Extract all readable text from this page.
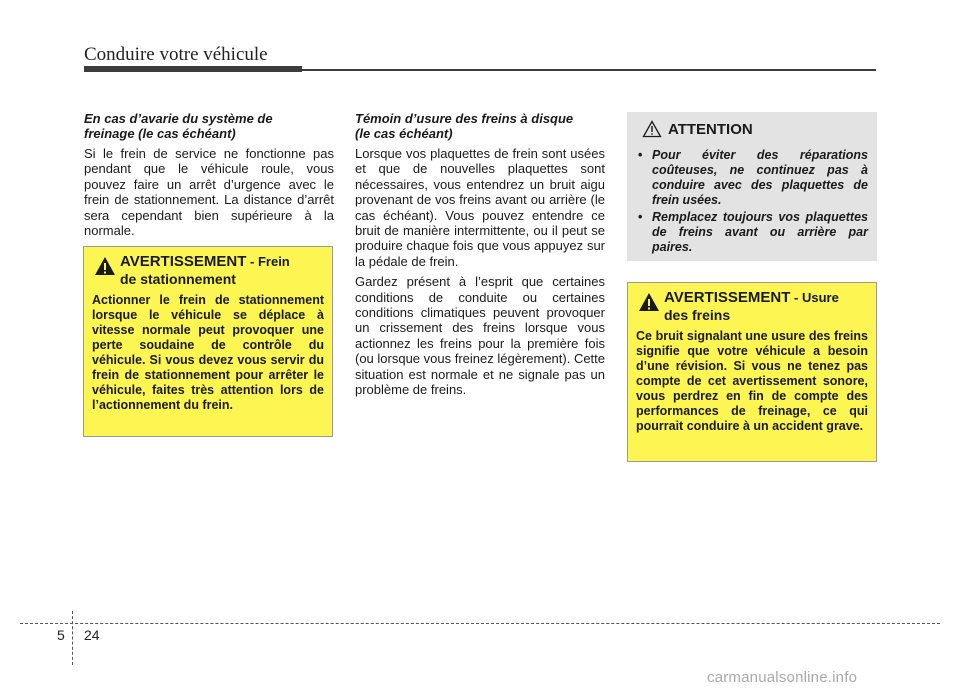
Conduire votre véhicule
En cas d’avarie du système de
freinage (le cas échéant)

Si le frein de service ne fonctionne pas pendant que le véhicule roule, vous pouvez faire un arrêt d’urgence avec le frein de stationnement. La distance d’arrêt sera cependant bien supérieure à la normale.

AVERTISSEMENT - Frein
de stationnement
Actionner le frein de stationnement lorsque le véhicule se déplace à vitesse normale peut provoquer une perte soudaine de contrôle du véhicule. Si vous devez vous servir du frein de stationnement pour arrêter le véhicule, faites très attention lors de l’actionnement du frein.
Témoin d’usure des freins à disque
(le cas échéant)

Lorsque vos plaquettes de frein sont usées et que de nouvelles plaquettes sont nécessaires, vous entendrez un bruit aigu provenant de vos freins avant ou arrière (le cas échéant). Vous pouvez entendre ce bruit de manière intermittente, ou il peut se produire chaque fois que vous appuyez sur la pédale de frein.

Gardez présent à l’esprit que certaines conditions de conduite ou certaines conditions climatiques peuvent provoquer un crissement des freins lorsque vous actionnez les freins pour la première fois (ou lorsque vous freinez légèrement). Cette situation est normale et ne signale pas un problème de freins.

ATTENTION
• Pour éviter des réparations coûteuses, ne continuez pas à conduire avec des plaquettes de frein usées.
• Remplacez toujours vos plaquettes de freins avant ou arrière par paires.
AVERTISSEMENT - Usure
des freins
Ce bruit signalant une usure des freins signifie que votre véhicule a besoin d’une révision. Si vous ne tenez pas compte de cet avertissement sonore, vous perdrez en fin de compte des performances de freinage, ce qui pourrait conduire à un accident grave.
5 24
carmanualsonline.info
